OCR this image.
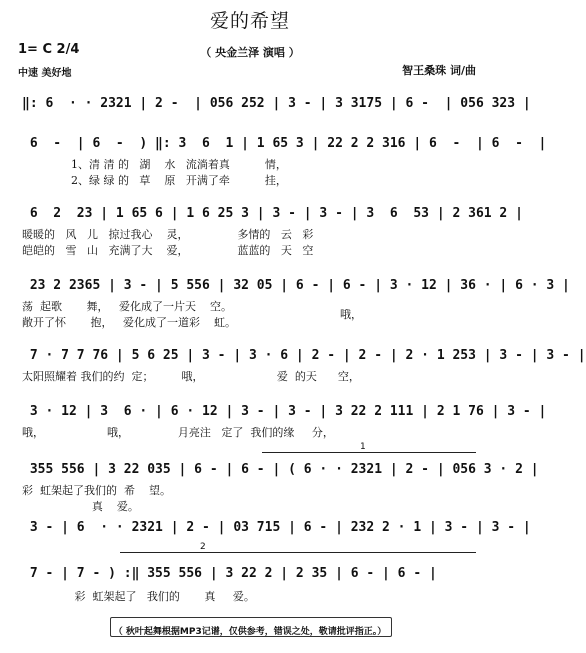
爱的希望
（ 央金兰泽 演唱 ）
1= C 2/4
中速 美好地	智王桑珠 词/曲
‖: 6  · · 2321 | 2 -  | 056 252 | 3 - | 3 3175 | 6 -  | 056 323 |
6  -  | 6  -  ) ‖: 3  6  1 | 1 65 3 | 22 2 2 316 | 6  -  | 6  -  |
1、清 清 的   湖    水   流淌着真          情，
2、绿 绿 的   草    原   开满了牵          挂，
6  2  23 | 1 65 6 | 1 6 25 3 | 3 - | 3 - | 3  6  53 | 2 361 2 |
暖暖的   风   儿   掠过我心    灵，              多情的   云   彩
皑皑的   雪   山   充满了大    爱，              蓝蓝的   天   空
23 2 2365 | 3 - | 5 556 | 32 05 | 6 - | 6 - | 3 · 12 | 36 · | 6 · 3 |
荡  起歌       舞，   爱化成了一片天    空。
敞开了怀       抱，   爱化成了一道彩    虹。
哦，
7 · 7 7 76 | 5 6 25 | 3 - | 3 · 6 | 2 - | 2 - | 2 · 1 253 | 3 - | 3 - |
太阳照耀着 我们的约  定；        哦，                     爱  的天      空，
3 · 12 | 3  6 · | 6 · 12 | 3 - | 3 - | 3 22 2 111 | 2 1 76 | 3 - |
哦，                  哦，              月亮注   定了  我们的缘     分，
355 556 | 3 22 035 | 6 - | 6 - | ( 6 · · 2321 | 2 - | 056 3 · 2 |
彩  虹架起了我们的  希    望。
真    爱。
3 - | 6  · · 2321 | 2 - | 03 715 | 6 - | 232 2 · 1 | 3 - | 3 - |
2
1
7 - | 7 - ) :‖ 355 556 | 3 22 2 | 2 35 | 6 - | 6 - |
彩  虹架起了   我们的       真     爱。
（ 秋叶起舞根据MP3记谱，仅供参考，错误之处，敬请批评指正。）
